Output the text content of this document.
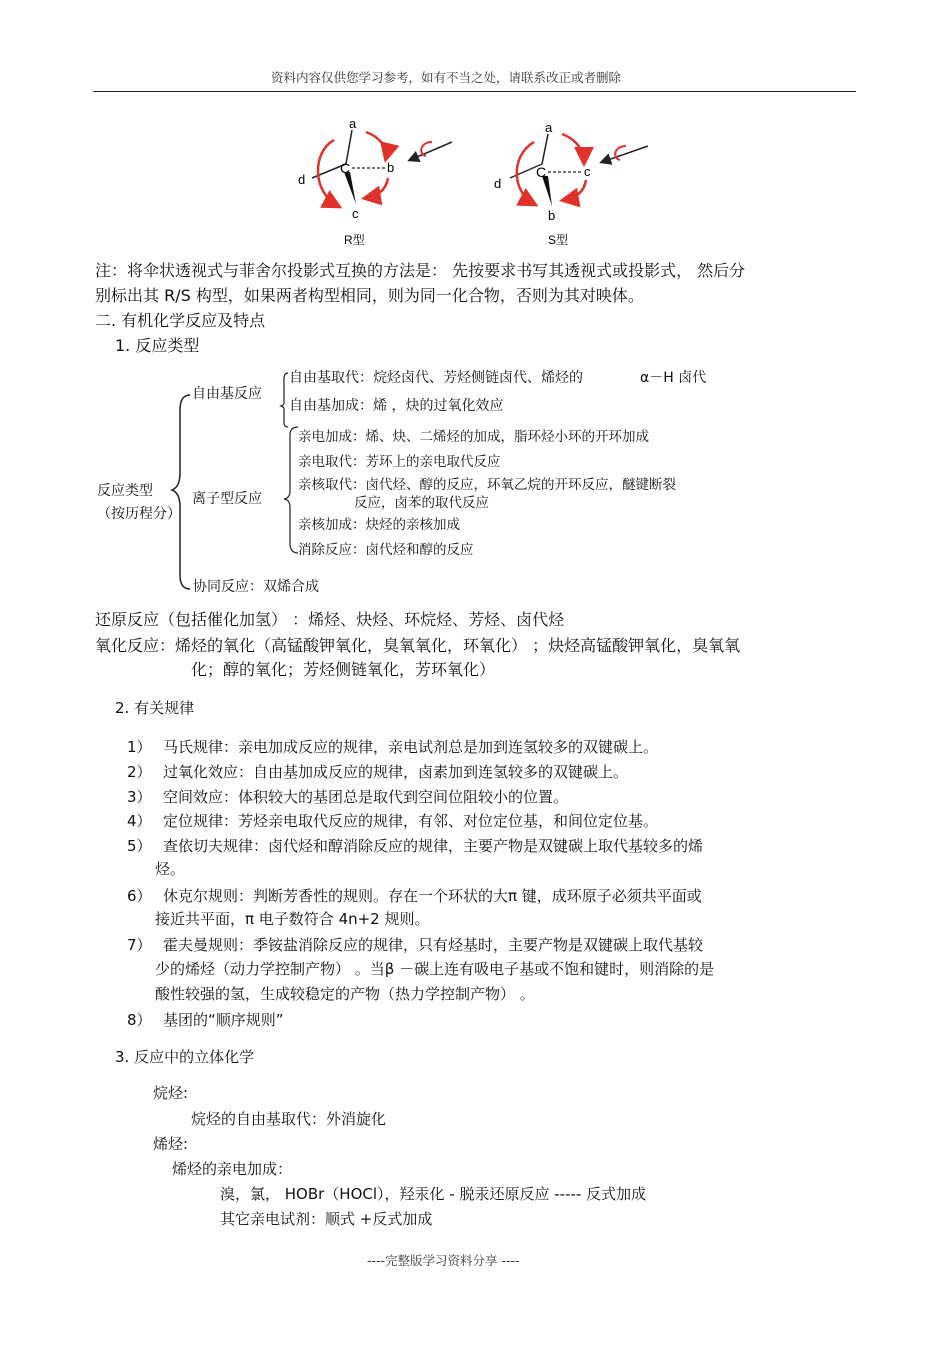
资料内容仅供您学习参考，如有不当之处，请联系改正或者删除
a
d
b
c
C
R型
a
d
c
b
C
S型
注：将伞状透视式与菲舍尔投影式互换的方法是： 先按要求书写其透视式或投影式， 然后分
别标出其 R/S 构型，如果两者构型相同，则为同一化合物，否则为其对映体。
二. 有机化学反应及特点
1. 反应类型
反应类型
（按历程分）
自由基反应
自由基取代：烷烃卤代、芳烃侧链卤代、烯烃的	α－H 卤代
自由基加成：烯 ，炔的过氧化效应
离子型反应
亲电加成：烯、炔、二烯烃的加成，脂环烃小环的开环加成
亲电取代：芳环上的亲电取代反应
亲核取代：卤代烃、醇的反应，环氧乙烷的开环反应，醚键断裂
反应，卤苯的取代反应
亲核加成：炔烃的亲核加成
消除反应：卤代烃和醇的反应
协同反应：双烯合成
还原反应（包括催化加氢） ：烯烃、炔烃、环烷烃、芳烃、卤代烃
氧化反应：烯烃的氧化（高锰酸钾氧化，臭氧氧化，环氧化） ；炔烃高锰酸钾氧化，臭氧氧
化；醇的氧化；芳烃侧链氧化，芳环氧化）
2. 有关规律
1） 马氏规律：亲电加成反应的规律，亲电试剂总是加到连氢较多的双键碳上。
2） 过氧化效应：自由基加成反应的规律，卤素加到连氢较多的双键碳上。
3） 空间效应：体积较大的基团总是取代到空间位阻较小的位置。
4） 定位规律：芳烃亲电取代反应的规律，有邻、对位定位基，和间位定位基。
5） 查依切夫规律：卤代烃和醇消除反应的规律，主要产物是双键碳上取代基较多的烯
烃。
6） 休克尔规则：判断芳香性的规则。存在一个环状的大π 键，成环原子必须共平面或
接近共平面，π 电子数符合 4n+2 规则。
7） 霍夫曼规则：季铵盐消除反应的规律，只有烃基时，主要产物是双键碳上取代基较
少的烯烃（动力学控制产物） 。当β －碳上连有吸电子基或不饱和键时，则消除的是
酸性较强的氢，生成较稳定的产物（热力学控制产物） 。
8） 基团的“顺序规则”
3. 反应中的立体化学
烷烃:
烷烃的自由基取代：外消旋化
烯烃:
烯烃的亲电加成：
溴，氯， HOBr（HOCl），羟汞化 - 脱汞还原反应 ----- 反式加成
其它亲电试剂：顺式 +反式加成
----完整版学习资料分享 ----
